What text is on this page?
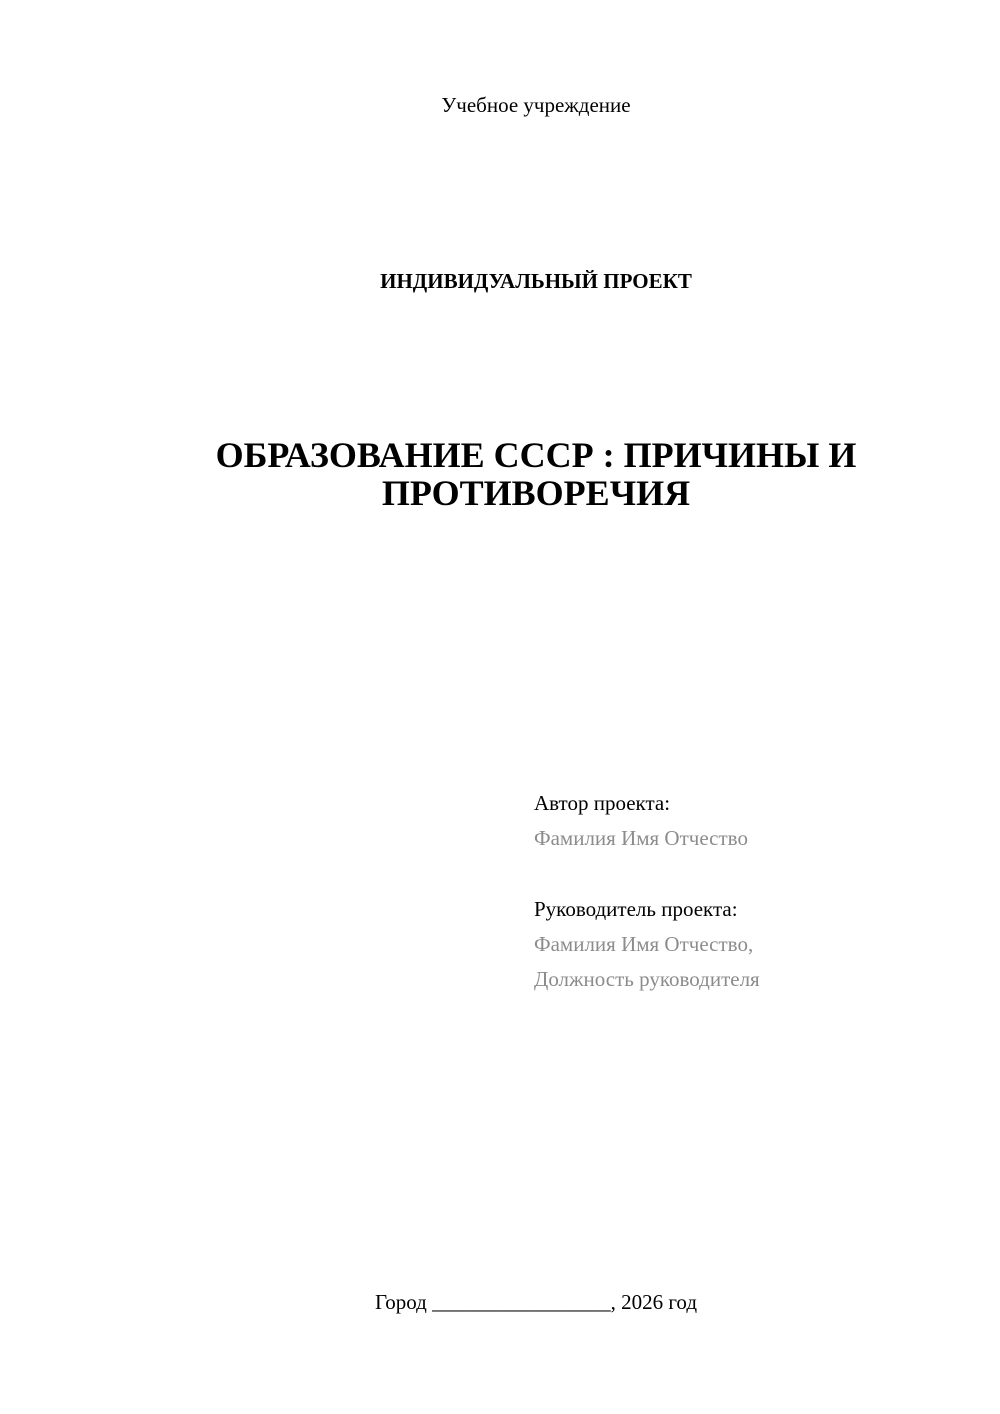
Учебное учреждение
ИНДИВИДУАЛЬНЫЙ ПРОЕКТ
ОБРАЗОВАНИЕ СССР : ПРИЧИНЫ И
ПРОТИВОРЕЧИЯ
Автор проекта:
Фамилия Имя Отчество
Руководитель проекта:
Фамилия Имя Отчество,
Должность руководителя
Город _________________, 2026 год
